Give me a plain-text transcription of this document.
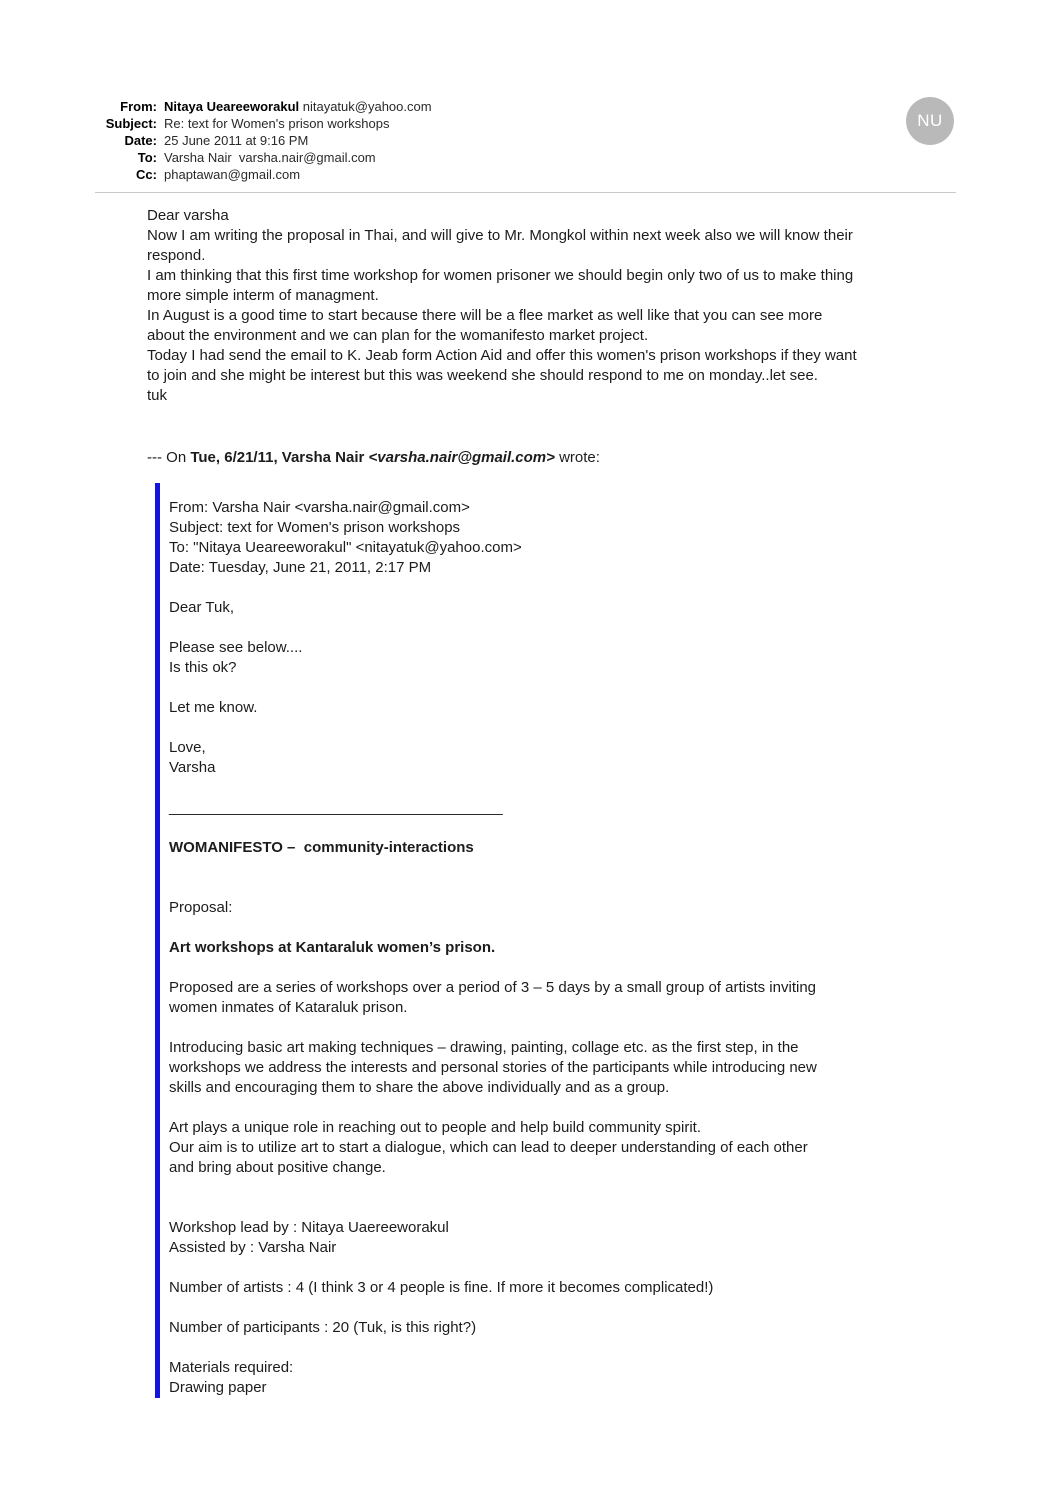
From: Nitaya Ueareeworakul nitayatuk@yahoo.com
Subject: Re: text for Women's prison workshops
Date: 25 June 2011 at 9:16 PM
To: Varsha Nair  varsha.nair@gmail.com
Cc: phaptawan@gmail.com
NU
Dear varsha
Now I am writing the proposal in Thai, and will give to Mr. Mongkol within next week also we will know their
respond.
I am thinking that this first time workshop for women prisoner we should begin only two of us to make thing
more simple interm of managment.
In August is a good time to start because there will be a flee market as well like that you can see more
about the environment and we can plan for the womanifesto market project.
Today I had send the email to K. Jeab form Action Aid and offer this women's prison workshops if they want
to join and she might be interest but this was weekend she should respond to me on monday..let see.
tuk
--- On Tue, 6/21/11, Varsha Nair <varsha.nair@gmail.com> wrote:
From: Varsha Nair <varsha.nair@gmail.com>
Subject: text for Women's prison workshops
To: "Nitaya Ueareeworakul" <nitayatuk@yahoo.com>
Date: Tuesday, June 21, 2011, 2:17 PM

Dear Tuk,

Please see below....
Is this ok?

Let me know.

Love,
Varsha

________________________________________

WOMANIFESTO –  community-interactions

Proposal:

Art workshops at Kantaraluk women’s prison.

Proposed are a series of workshops over a period of 3 – 5 days by a small group of artists inviting
women inmates of Kataraluk prison.

Introducing basic art making techniques – drawing, painting, collage etc. as the first step, in the
workshops we address the interests and personal stories of the participants while introducing new
skills and encouraging them to share the above individually and as a group.

Art plays a unique role in reaching out to people and help build community spirit.
Our aim is to utilize art to start a dialogue, which can lead to deeper understanding of each other
and bring about positive change.

Workshop lead by : Nitaya Uaereeworakul
Assisted by : Varsha Nair

Number of artists : 4 (I think 3 or 4 people is fine. If more it becomes complicated!)

Number of participants : 20 (Tuk, is this right?)

Materials required:
Drawing paper
